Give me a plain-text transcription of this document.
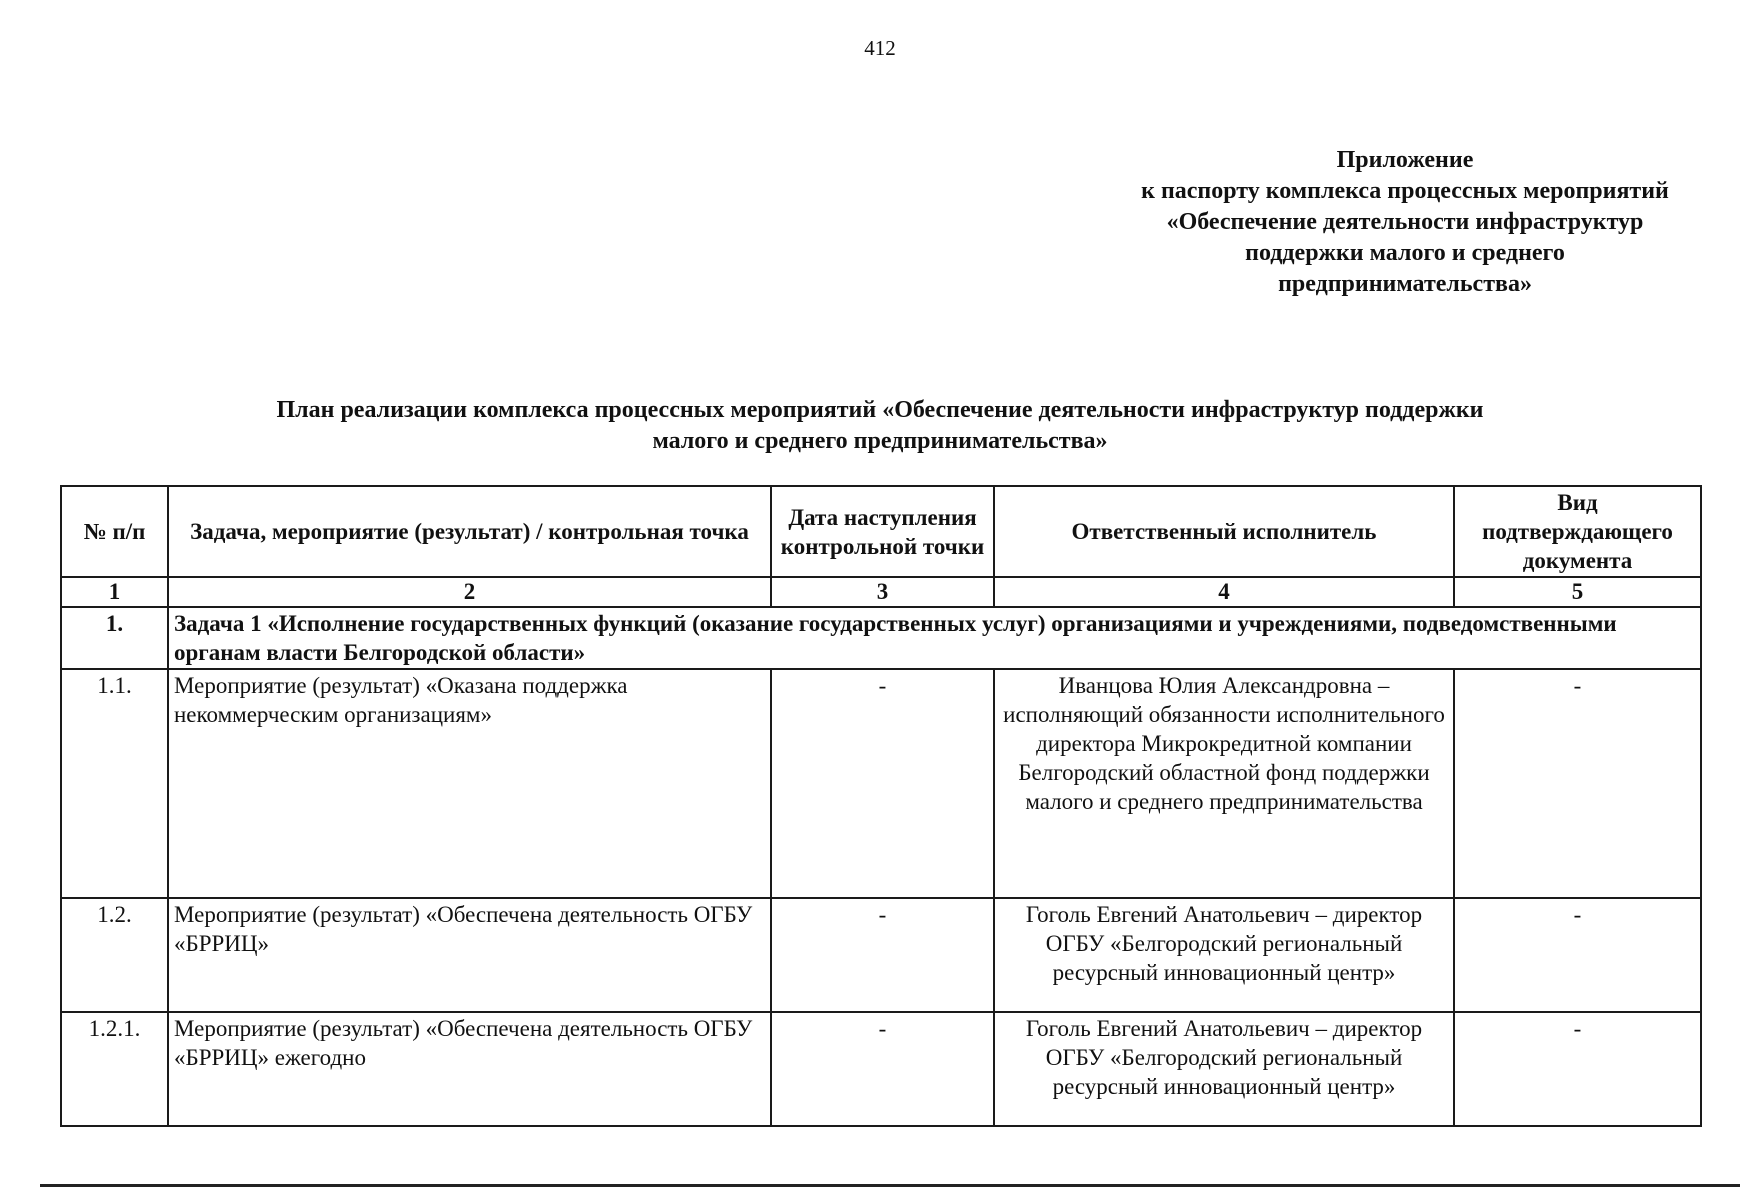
412
Приложение
к паспорту комплекса процессных мероприятий
«Обеспечение деятельности инфраструктур
поддержки малого и среднего
предпринимательства»
План реализации комплекса процессных мероприятий «Обеспечение деятельности инфраструктур поддержки
малого и среднего предпринимательства»
№ п/п	Задача, мероприятие (результат) / контрольная точка	Дата наступления контрольной точки	Ответственный исполнитель	Вид подтверждающего документа
1	2	3	4	5
1.	Задача 1 «Исполнение государственных функций (оказание государственных услуг) организациями и учреждениями, подведомственными органам власти Белгородской области»			
1.1.	Мероприятие (результат) «Оказана поддержка некоммерческим организациям»	-	Иванцова Юлия Александровна – исполняющий обязанности исполнительного директора Микрокредитной компании Белгородский областной фонд поддержки малого и среднего предпринимательства	-
1.2.	Мероприятие (результат) «Обеспечена деятельность ОГБУ «БРРИЦ»	-	Гоголь Евгений Анатольевич – директор ОГБУ «Белгородский региональный ресурсный инновационный центр»	-
1.2.1.	Мероприятие (результат) «Обеспечена деятельность ОГБУ «БРРИЦ» ежегодно	-	Гоголь Евгений Анатольевич – директор ОГБУ «Белгородский региональный ресурсный инновационный центр»	-
